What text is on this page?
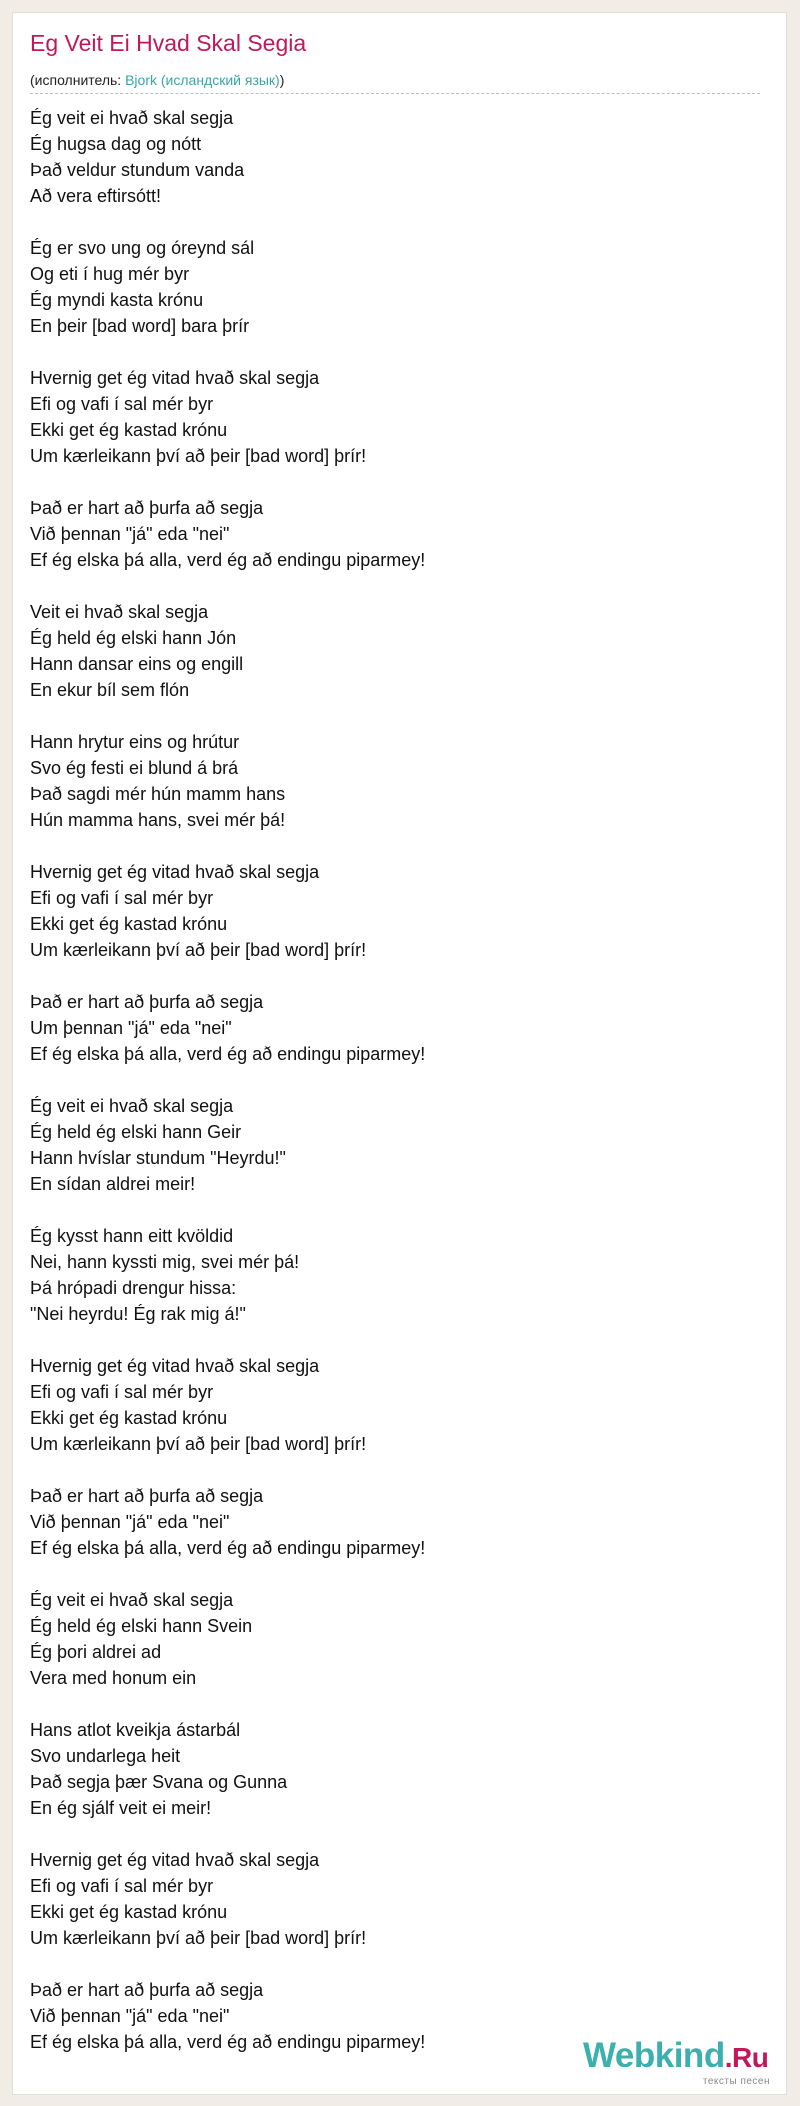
Eg Veit Ei Hvad Skal Segia
(исполнитель: Bjork (исландский язык))
Ég veit ei hvað skal segja
Ég hugsa dag og nótt
Það veldur stundum vanda
Að vera eftirsótt!
Ég er svo ung og óreynd sál
Og eti í hug mér byr
Ég myndi kasta krónu
En þeir [bad word] bara þrír
Hvernig get ég vitad hvað skal segja
Efi og vafi í sal mér byr
Ekki get ég kastad krónu
Um kærleikann því að þeir [bad word] þrír!
Það er hart að þurfa að segja
Við þennan "já" eda "nei"
Ef ég elska þá alla, verd ég að endingu piparmey!
Veit ei hvað skal segja
Ég held ég elski hann Jón
Hann dansar eins og engill
En ekur bíl sem flón
Hann hrytur eins og hrútur
Svo ég festi ei blund á brá
Það sagdi mér hún mamm hans
Hún mamma hans, svei mér þá!
Hvernig get ég vitad hvað skal segja
Efi og vafi í sal mér byr
Ekki get ég kastad krónu
Um kærleikann því að þeir [bad word] þrír!
Það er hart að þurfa að segja
Um þennan "já" eda "nei"
Ef ég elska þá alla, verd ég að endingu piparmey!
Ég veit ei hvað skal segja
Ég held ég elski hann Geir
Hann hvíslar stundum "Heyrdu!"
En sídan aldrei meir!
Ég kysst hann eitt kvöldid
Nei, hann kyssti mig, svei mér þá!
Þá hrópadi drengur hissa:
"Nei heyrdu! Ég rak mig á!"
Hvernig get ég vitad hvað skal segja
Efi og vafi í sal mér byr
Ekki get ég kastad krónu
Um kærleikann því að þeir [bad word] þrír!
Það er hart að þurfa að segja
Við þennan "já" eda "nei"
Ef ég elska þá alla, verd ég að endingu piparmey!
Ég veit ei hvað skal segja
Ég held ég elski hann Svein
Ég þori aldrei ad
Vera med honum ein
Hans atlot kveikja ástarbál
Svo undarlega heit
Það segja þær Svana og Gunna
En ég sjálf veit ei meir!
Hvernig get ég vitad hvað skal segja
Efi og vafi í sal mér byr
Ekki get ég kastad krónu
Um kærleikann því að þeir [bad word] þrír!
Það er hart að þurfa að segja
Við þennan "já" eda "nei"
Ef ég elska þá alla, verd ég að endingu piparmey!	Webkind.Ru
тексты песен
